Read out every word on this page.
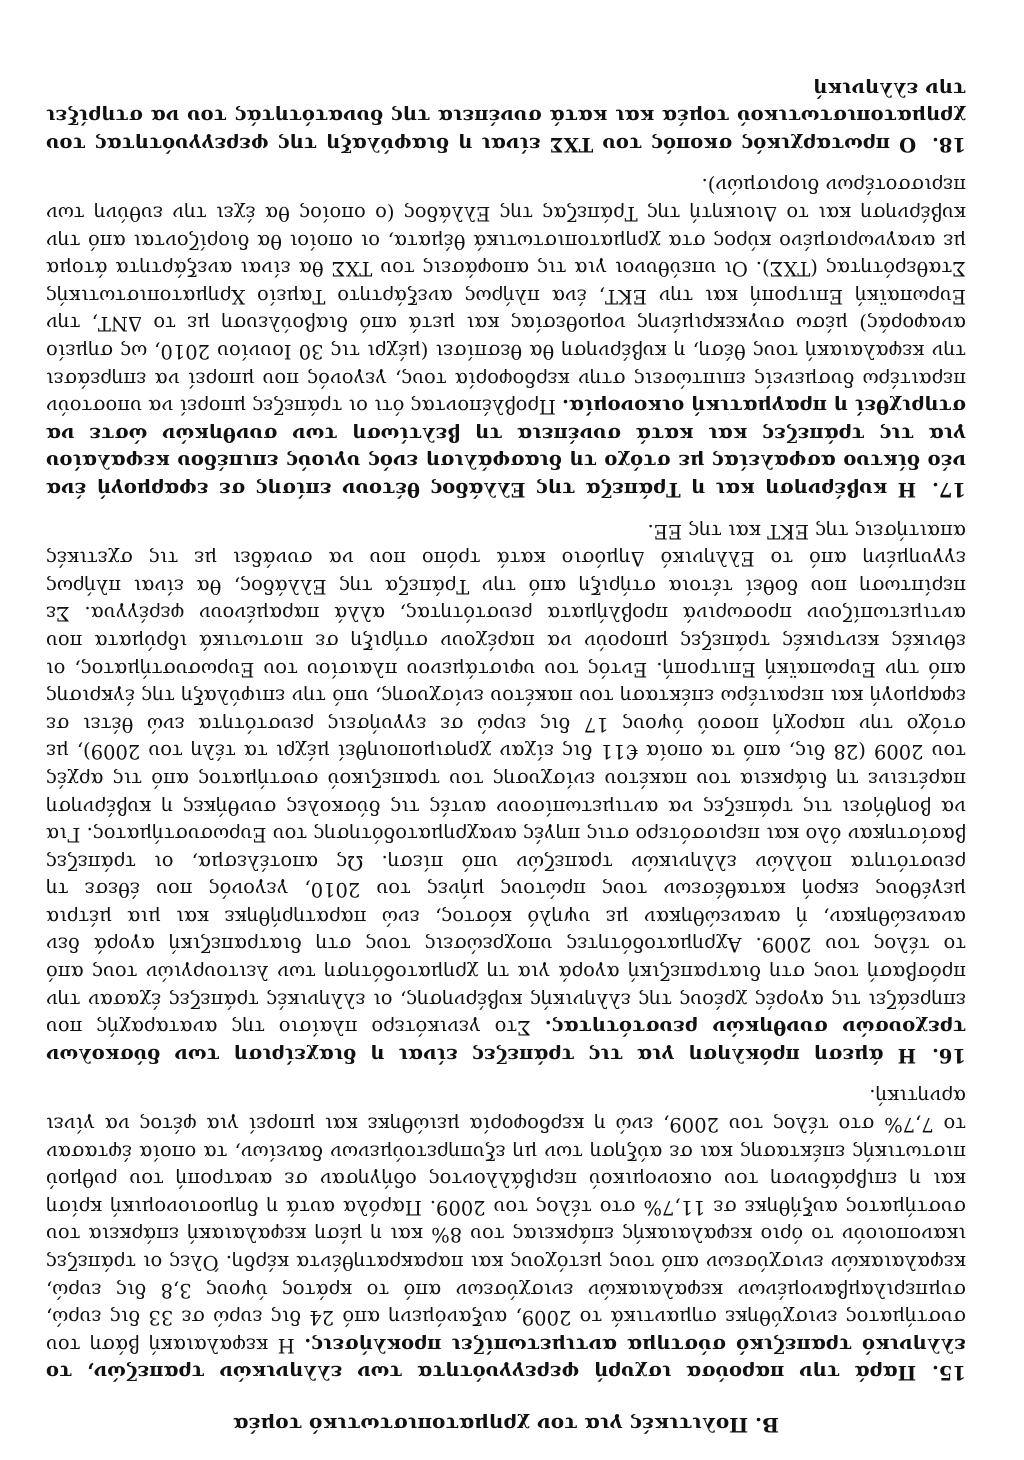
Β. Πολιτικές για τον χρηματοπιστωτικό τομέα

15.Παρά την παρούσα ισχυρή φερεγγυότητα των ελληνικών τραπεζών, το ελληνικό τραπεζικό σύστημα αντιμετωπίζει προκλήσεις. Η κεφαλαιακή βάση του συστήματος ενισχύθηκε σημαντικά το 2009, αυξανόμενη από 24 δις ευρώ σε 33 δις ευρώ, συμπεριλαμβανομένων κεφαλαιακών ενισχύσεων από το κράτος ύψους 3,8 δις ευρώ, κεφαλαιακών ενισχύσεων από τους μετόχους και παρακρατηθέντα κέρδη. Όλες οι τράπεζες ικανοποιούν το όριο κεφαλαιακής επάρκειας του 8% και η μέση κεφαλαιακή επάρκεια του συστήματος αυξήθηκε σε 11,7% στο τέλος του 2009. Παρόλα αυτά η δημοσιονομική κρίση και η επιβράδυνση του οικονομικού περιβάλλοντος οδήγησαν σε ανατροπή του ρυθμού πιστωτικής επέκτασης και σε αύξηση των μη εξυπηρετούμενων δανείων, τα οποία έφτασαν το 7,7% στο τέλος του 2009, ενώ η κερδοφορία μειώθηκε και μπορεί για φέτος να γίνει αρνητική.

16.Η άμεση πρόκληση για τις τράπεζες είναι η διαχείριση των δύσκολων τρεχουσών συνθηκών ρευστότητας. Στο γενικότερο πλαίσιο της αναταραχής που επηρεάζει τις αγορές χρέους της ελληνικής κυβέρνησης, οι ελληνικές τράπεζες έχασαν την πρόσβασή τους στη διατραπεζική αγορά για τη χρηματοδότηση των λειτουργιών τους από το τέλος του 2009. Αχρηματοδότητες υποχρεώσεις τους στη διατραπεζική αγορά δεν ανανεώθηκαν, ή ανανεώθηκαν με υψηλό κόστος, ενώ παρατηρήθηκε και μια μέτρια μεγέθους εκροή καταθέσεων τους πρώτους μήνες του 2010, γεγονός που έθεσε τη ρευστότητα πολλών ελληνικών τραπεζών υπό πίεση. Ως αποτέλεσμα, οι τράπεζες βασίστηκαν όλο και περισσότερο στις πηγές αναχρηματοδότησης του Ευρωσυστήματος. Για να βοηθήσει τις τράπεζες να αντιμετωπίσουν αυτές τις δύσκολες συνθήκες η κυβέρνηση παρέτεινε τη διάρκεια του πακέτου ενίσχυσης του τραπεζικού συστήματος από τις αρχές του 2009 (28 δις, από τα οποία €11 δις είχαν χρησιμοποιηθεί μέχρι τα τέλη του 2009), με στόχο την παροχή ποσού ύψους 17 δις ευρώ σε εγγυήσεις ρευστότητα ενώ θέτει σε εφαρμογή και περαιτέρω επέκταση του πακέτου ενίσχυσης, υπό την επιφύλαξη της έγκρισης από την Ευρωπαϊκή Επιτροπή. Εντός του υφιστάμενου πλαισίου του Ευρωσυστήματος, οι εθνικές κεντρικές τράπεζες μπορούν να παρέχουν στήριξη σε πιστωτικά ιδρύματα που αντιμετωπίζουν προσωρινά προβλήματα ρευστότητας, αλλά παραμένουν φερέγγυα. Σε περίπτωση που δοθεί τέτοια στήριξη από την Τράπεζα της Ελλάδος, θα είναι πλήρως εγγυημένη από το Ελληνικό Δημόσιο κατά τρόπο που να συνάδει με τις σχετικές απαιτήσεις της ΕΚΤ και της ΕΕ.

17.Η κυβέρνηση και η Τράπεζα της Ελλάδος θέτουν επίσης σε εφαρμογή ένα νέο δίκτυο ασφαλείας με στόχο τη διασφάλιση ενός υγιούς επιπέδου κεφαλαίου για τις τράπεζες και κατά συνέπεια τη βελτίωση των συνθηκών ώστε να στηριχθεί η πραγματική οικονομία. Προβλέποντας ότι οι τράπεζες μπορεί να υποστούν περαιτέρω δυσμενείς επιπτώσεις στην κερδοφορία τους, γεγονός που μπορεί να επηρεάσει την κεφαλαιακή τους θέση, η κυβέρνηση θα θεσπίσει (μέχρι τις 30 Ιουνίου 2010, ως σημείο αναφοράς) μέσω συγκεκριμένης νομοθεσίας και μετά από διαβούλευση με το ΔΝΤ, την Ευρωπαϊκή Επιτροπή και την ΕΚΤ, ένα πλήρως ανεξάρτητο Ταμείο Χρηματοπιστωτικής Σταθερότητας (ΤΧΣ). Οι υπεύθυνοι για τις αποφάσεις του ΤΧΣ θα είναι ανεξάρτητα άτομα με αναγνωρισμένο κύρος στα χρηματοπιστωτικά θέματα, οι οποίοι θα διορίζονται από την κυβέρνηση και το Διοικητή της Τράπεζας της Ελλάδος (ο οποίος θα έχει την ευθύνη των περισσοτέρων διορισμών).

18.Ο πρωταρχικός σκοπός του ΤΧΣ είναι η διαφύλαξη της φερεγγυότητας του χρηματοπιστωτικού τομέα και κατά συνέπεια της δυνατότητάς του να στηρίξει την ελληνική
